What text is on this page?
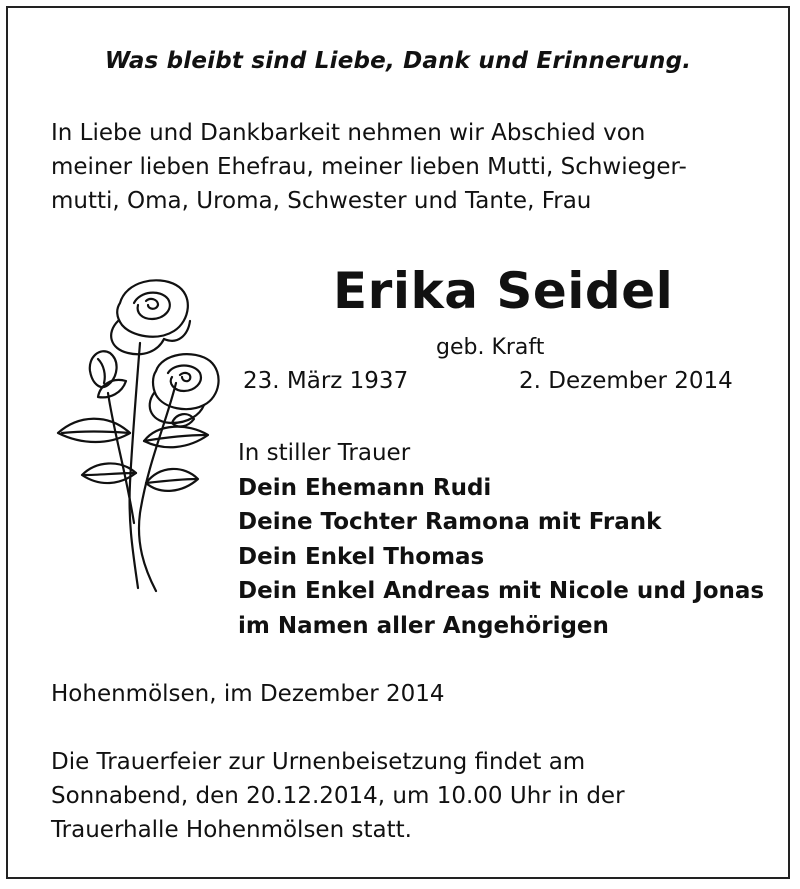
Was bleibt sind Liebe, Dank und Erinnerung.
In Liebe und Dankbarkeit nehmen wir Abschied von
meiner lieben Ehefrau, meiner lieben Mutti, Schwieger-
mutti, Oma, Uroma, Schwester und Tante, Frau
Erika Seidel
geb. Kraft
23. März 1937	2. Dezember 2014
In stiller Trauer
Dein Ehemann Rudi
Deine Tochter Ramona mit Frank
Dein Enkel Thomas
Dein Enkel Andreas mit Nicole und Jonas
im Namen aller Angehörigen
Hohenmölsen, im Dezember 2014
Die Trauerfeier zur Urnenbeisetzung findet am
Sonnabend, den 20.12.2014, um 10.00 Uhr in der
Trauerhalle Hohenmölsen statt.
